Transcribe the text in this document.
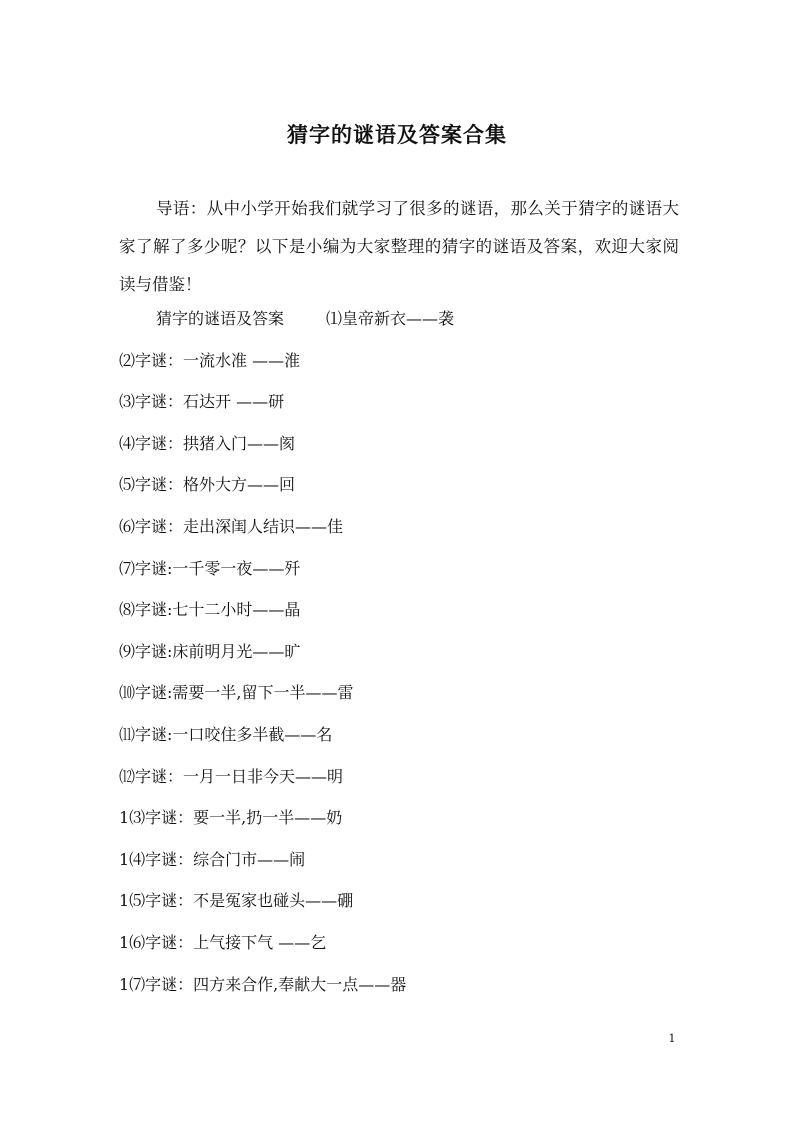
猜字的谜语及答案合集

导语：从中小学开始我们就学习了很多的谜语，那么关于猜字的谜语大家了解了多少呢？以下是小编为大家整理的猜字的谜语及答案，欢迎大家阅读与借鉴！

猜字的谜语及答案	⑴皇帝新衣——袭
⑵字谜：一流水准 ——淮
⑶字谜：石达开 ——研
⑷字谜：拱猪入门——阂
⑸字谜：格外大方——回
⑹字谜：走出深闺人结识——佳
⑺字谜:一千零一夜——歼
⑻字谜:七十二小时——晶
⑼字谜:床前明月光——旷
⑽字谜:需要一半,留下一半——雷
⑾字谜:一口咬住多半截——名
⑿字谜：一月一日非今天——明
1⑶字谜：要一半,扔一半——奶
1⑷字谜：综合门市——闹
1⑸字谜：不是冤家也碰头——硼
1⑹字谜：上气接下气 ——乞
1⑺字谜：四方来合作,奉献大一点——器
1
